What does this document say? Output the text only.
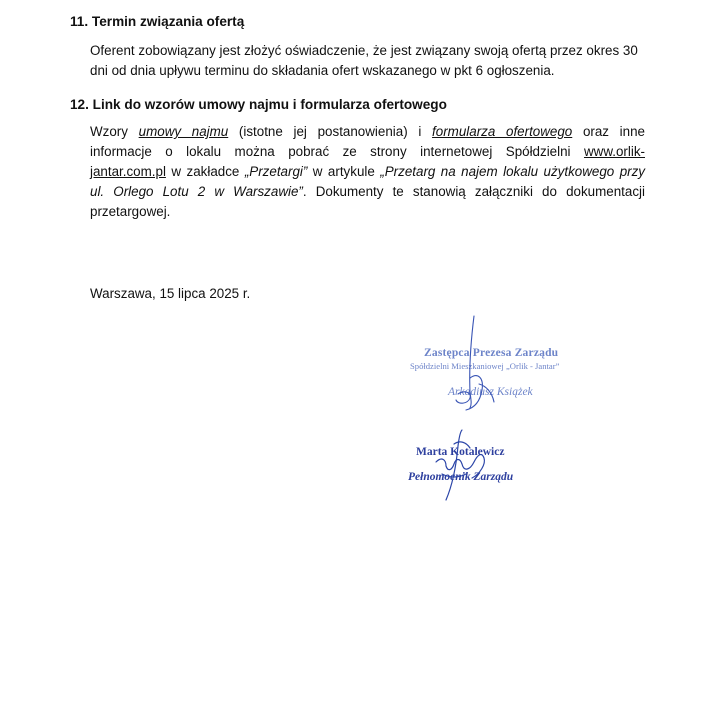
11. Termin związania ofertą
Oferent zobowiązany jest złożyć oświadczenie, że jest związany swoją ofertą przez okres 30
dni od dnia upływu terminu do składania ofert wskazanego w pkt 6 ogłoszenia.
12. Link do wzorów umowy najmu i formularza ofertowego
Wzory umowy najmu (istotne jej postanowienia) i formularza ofertowego oraz inne
informacje o lokalu można pobrać ze strony internetowej Spółdzielni www.orlik-
jantar.com.pl w zakładce „Przetargi” w artykule „Przetarg na najem lokalu użytkowego przy
ul. Orlego Lotu 2 w Warszawie”. Dokumenty te stanowią załączniki do dokumentacji
przetargowej.
Warszawa, 15 lipca 2025 r.
Zastępca Prezesa Zarządu
Spółdzielni Mieszkaniowej „Orlik - Jantar”
Arkadiusz Książek
Marta Kotalewicz
Pełnomocnik Zarządu
